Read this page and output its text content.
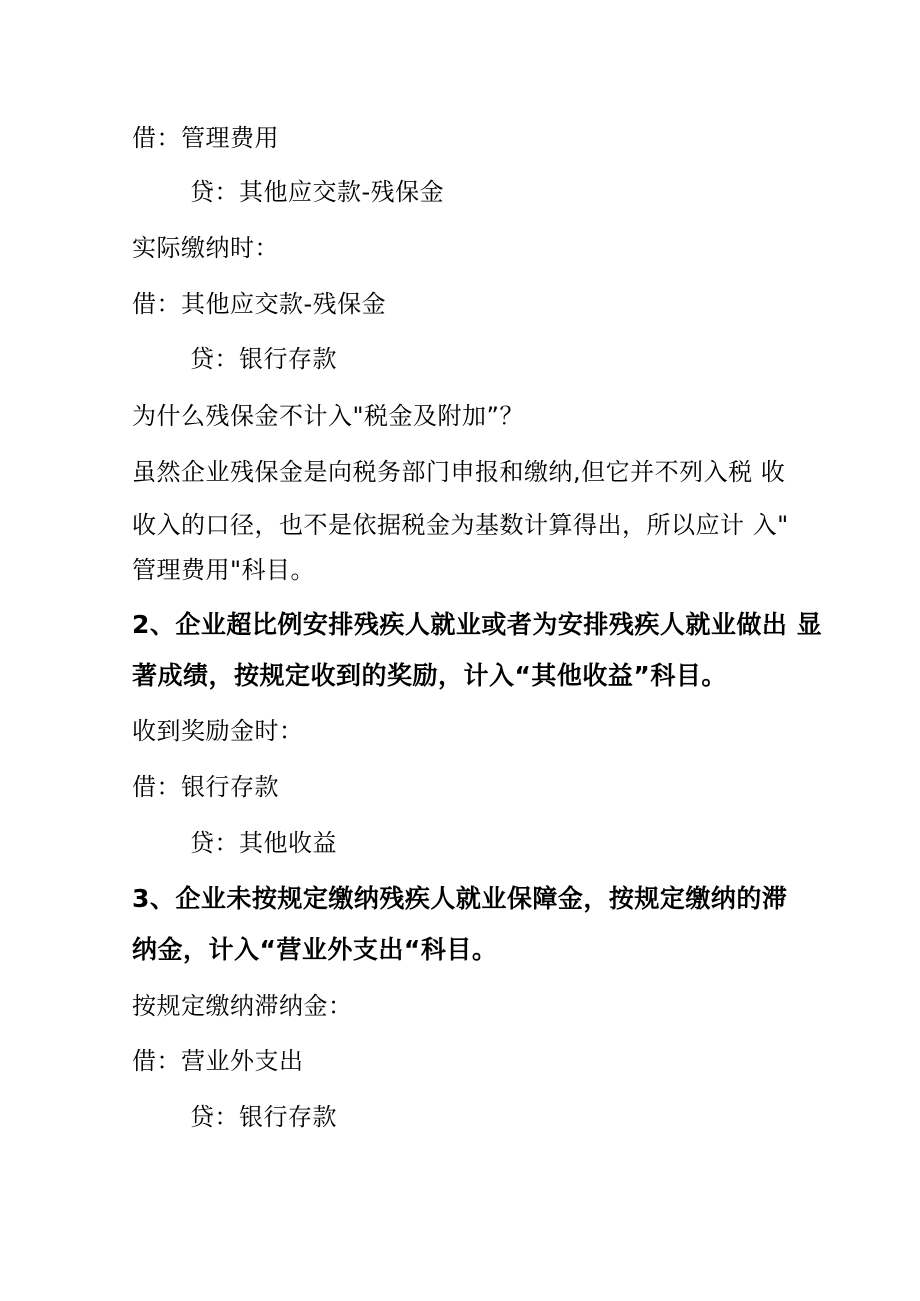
借：管理费用
贷：其他应交款-残保金
实际缴纳时：
借：其他应交款-残保金
贷：银行存款
为什么残保金不计入"税金及附加”？
虽然企业残保金是向税务部门申报和缴纳,但它并不列入税 收
收入的口径，也不是依据税金为基数计算得出，所以应计 入"
管理费用"科目。
2、企业超比例安排残疾人就业或者为安排残疾人就业做出 显
著成绩，按规定收到的奖励，计入“其他收益”科目。
收到奖励金时：
借：银行存款
贷：其他收益
3、企业未按规定缴纳残疾人就业保障金，按规定缴纳的滞
纳金，计入“营业外支出“科目。
按规定缴纳滞纳金：
借：营业外支出
贷：银行存款
